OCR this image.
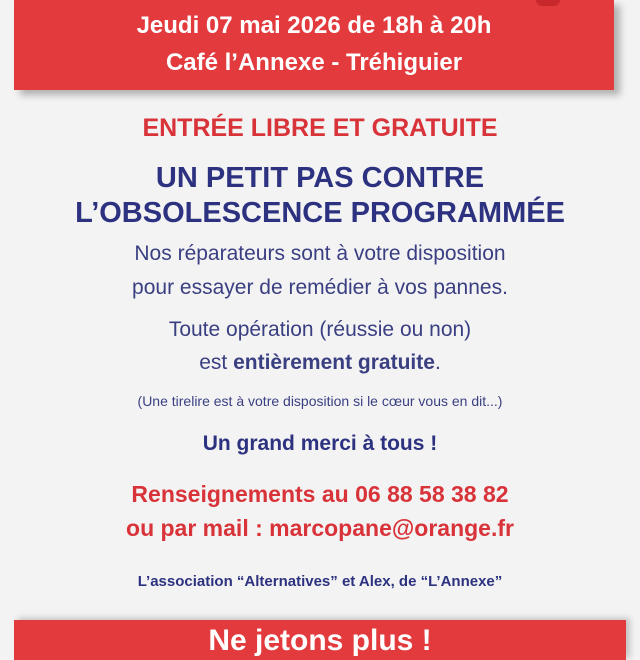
Jeudi 07 mai 2026 de 18h à 20h
Café l’Annexe - Tréhiguier
ENTRÉE LIBRE ET GRATUITE
UN PETIT PAS CONTRE
L’OBSOLESCENCE PROGRAMMÉE
Nos réparateurs sont à votre disposition
pour essayer de remédier à vos pannes.
Toute opération (réussie ou non)
est entièrement gratuite.
(Une tirelire est à votre disposition si le cœur vous en dit...)
Un grand merci à tous !
Renseignements au 06 88 58 38 82
ou par mail : marcopane@orange.fr
L’association “Alternatives” et Alex, de “L’Annexe”
Ne jetons plus !
